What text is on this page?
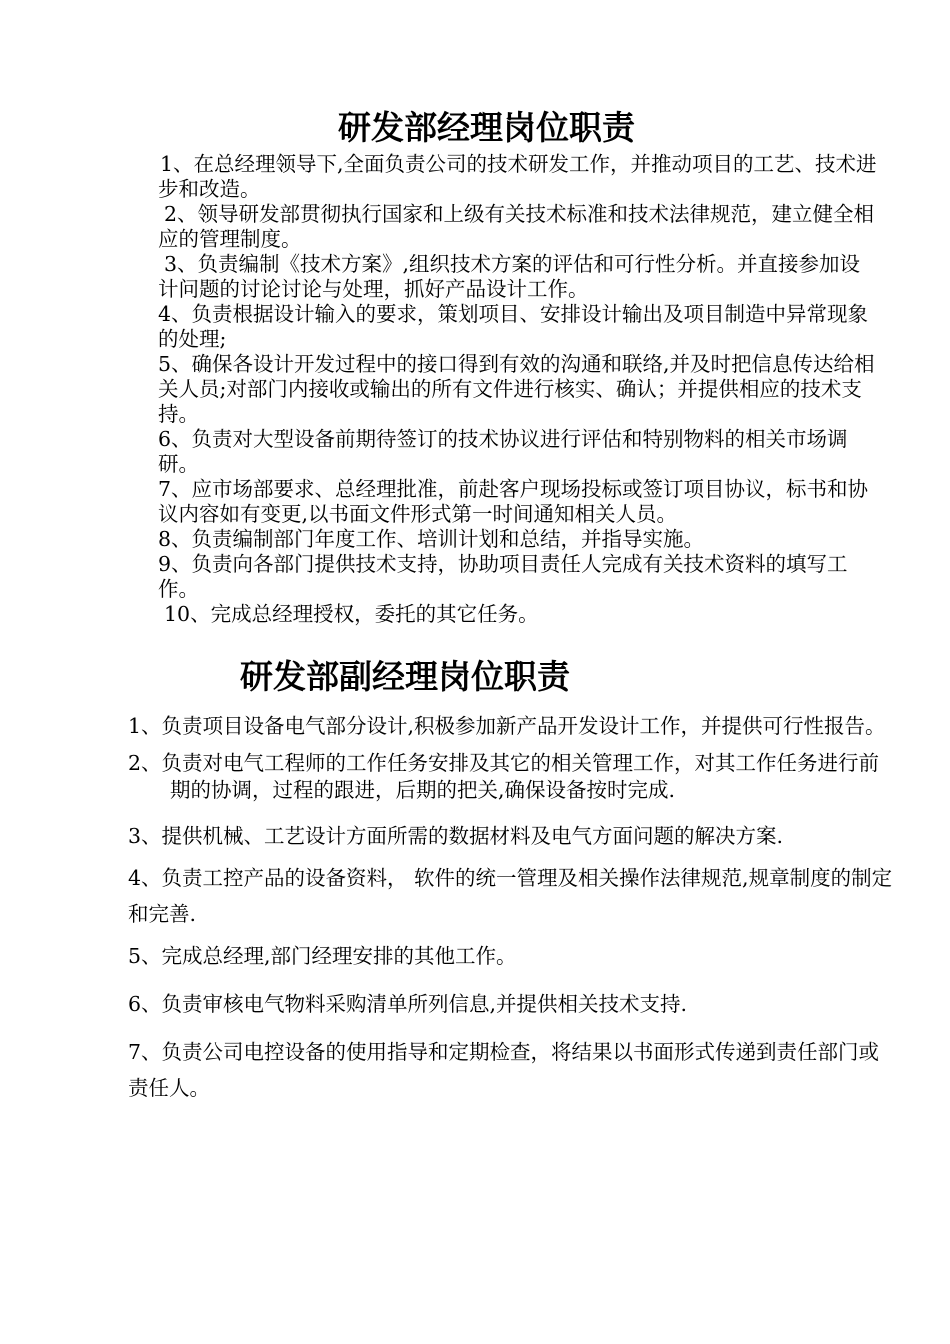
研发部经理岗位职责

1、在总经理领导下,全面负责公司的技术研发工作，并推动项目的工艺、技术进步和改造。

2、领导研发部贯彻执行国家和上级有关技术标准和技术法律规范，建立健全相应的管理制度。

3、负责编制《技术方案》,组织技术方案的评估和可行性分析。并直接参加设计问题的讨论讨论与处理，抓好产品设计工作。

4、负责根据设计输入的要求，策划项目、安排设计输出及项目制造中异常现象的处理;

5、确保各设计开发过程中的接口得到有效的沟通和联络,并及时把信息传达给相关人员;对部门内接收或输出的所有文件进行核实、确认；并提供相应的技术支持。

6、负责对大型设备前期待签订的技术协议进行评估和特别物料的相关市场调研。

7、应市场部要求、总经理批准，前赴客户现场投标或签订项目协议，标书和协议内容如有变更,以书面文件形式第一时间通知相关人员。

8、负责编制部门年度工作、培训计划和总结，并指导实施。

9、负责向各部门提供技术支持，协助项目责任人完成有关技术资料的填写工作。

10、完成总经理授权，委托的其它任务。

研发部副经理岗位职责

1、负责项目设备电气部分设计,积极参加新产品开发设计工作，并提供可行性报告。

2、负责对电气工程师的工作任务安排及其它的相关管理工作，对其工作任务进行前期的协调，过程的跟进，后期的把关,确保设备按时完成.

3、提供机械、工艺设计方面所需的数据材料及电气方面问题的解决方案.

4、负责工控产品的设备资料， 软件的统一管理及相关操作法律规范,规章制度的制定和完善.

5、完成总经理,部门经理安排的其他工作。

6、负责审核电气物料采购清单所列信息,并提供相关技术支持.

7、负责公司电控设备的使用指导和定期检查，将结果以书面形式传递到责任部门或责任人。
